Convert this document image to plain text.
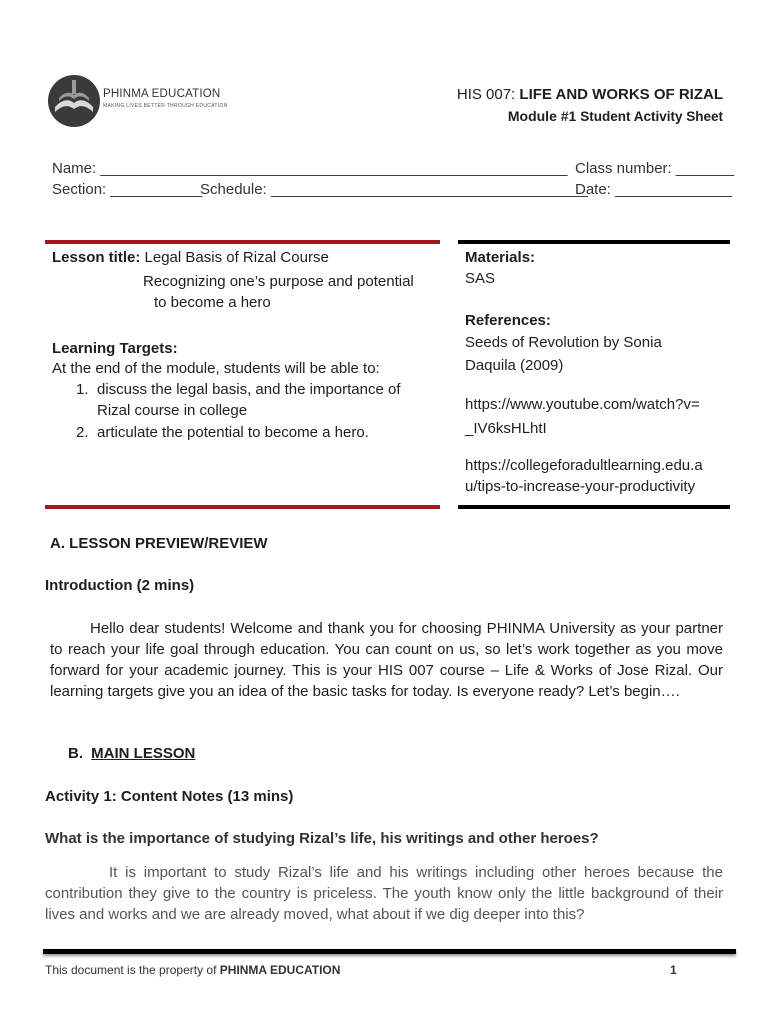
PHINMA EDUCATION
MAKING LIVES BETTER THROUGH EDUCATION
HIS 007: LIFE AND WORKS OF RIZAL
Module #1 Student Activity Sheet
Name: ________________________________________________________ Class number: _______
Section: ___________
Schedule: ______________________________________
Date: ______________
Lesson title: Legal Basis of Rizal Course
Recognizing one’s purpose and potential
to become a hero
Learning Targets:
At the end of the module, students will be able to:
1. discuss the legal basis, and the importance of
Rizal course in college
2. articulate the potential to become a hero.
Materials:
SAS
References:
Seeds of Revolution by Sonia
Daquila (2009)
https://www.youtube.com/watch?v=
_IV6ksHLhtI
https://collegeforadultlearning.edu.a
u/tips-to-increase-your-productivity
A. LESSON PREVIEW/REVIEW
Introduction (2 mins)
Hello dear students! Welcome and thank you for choosing PHINMA University as your partner to reach your life goal through education. You can count on us, so let’s work together as you move forward for your academic journey. This is your HIS 007 course – Life & Works of Jose Rizal. Our learning targets give you an idea of the basic tasks for today. Is everyone ready? Let’s begin….
B. MAIN LESSON
Activity 1: Content Notes (13 mins)
What is the importance of studying Rizal’s life, his writings and other heroes?
It is important to study Rizal’s life and his writings including other heroes because the contribution they give to the country is priceless. The youth know only the little background of their lives and works and we are already moved, what about if we dig deeper into this?
This document is the property of PHINMA EDUCATION	1
